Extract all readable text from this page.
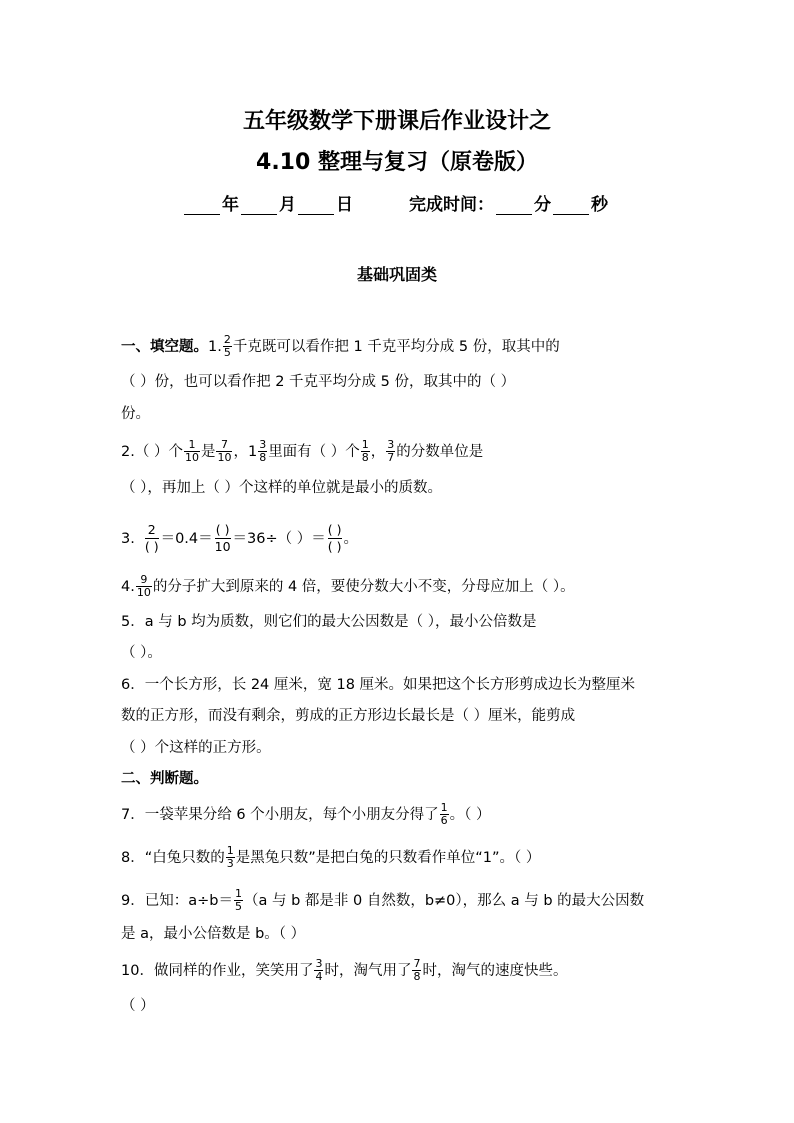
五年级数学下册课后作业设计之
4.10 整理与复习（原卷版）
年 月 日	完成时间： 分 秒
基础巩固类
一、填空题。 1. $\frac{2}{5}$ 千克既可以看作把 1 千克平均分成 5 份，取其中的
（ ）份，也可以看作把 2 千克平均分成 5 份，取其中的（ ）
份。
2. （ ）个 $\frac{1}{10}$ 是 $\frac{7}{10}$ ， $1 \frac{3}{8}$ 里面有（ ）个 $\frac{1}{8}$ ， $\frac{3}{7}$ 的分数单位是
（ ），再加上（ ）个这样的单位就是最小的质数。
3. $\frac{2}{( )} =0.4= \frac{( )}{10} =36\div$（ ）＝ $\frac{( )}{( )}$ 。
4. $\frac{9}{10}$ 的分子扩大到原来的 4 倍，要使分数大小不变，分母应加上（ ）。
5．a 与 b 均为质数，则它们的最大公因数是（ ），最小公倍数是
（ ）。
6．一个长方形，长 24 厘米，宽 18 厘米。如果把这个长方形剪成边长为整厘米
数的正方形，而没有剩余，剪成的正方形边长最长是（ ）厘米，能剪成
（ ）个这样的正方形。
二、判断题。
7．一袋苹果分给 6 个小朋友，每个小朋友分得了 $\frac{1}{6}$ 。（ ）
8．“白兔只数的 $\frac{1}{3}$ 是黑兔只数”是把白兔的只数看作单位“1”。（ ）
9．已知：$a\div b= \frac{1}{5} (a$ 与 b 都是非 0 自然数，b≠0），那么 a 与 b 的最大公因数
是 a，最小公倍数是 b。（ ）
10．做同样的作业，笑笑用了 $\frac{3}{4}$ 时，淘气用了 $\frac{7}{8}$ 时，淘气的速度快些。
（ ）
